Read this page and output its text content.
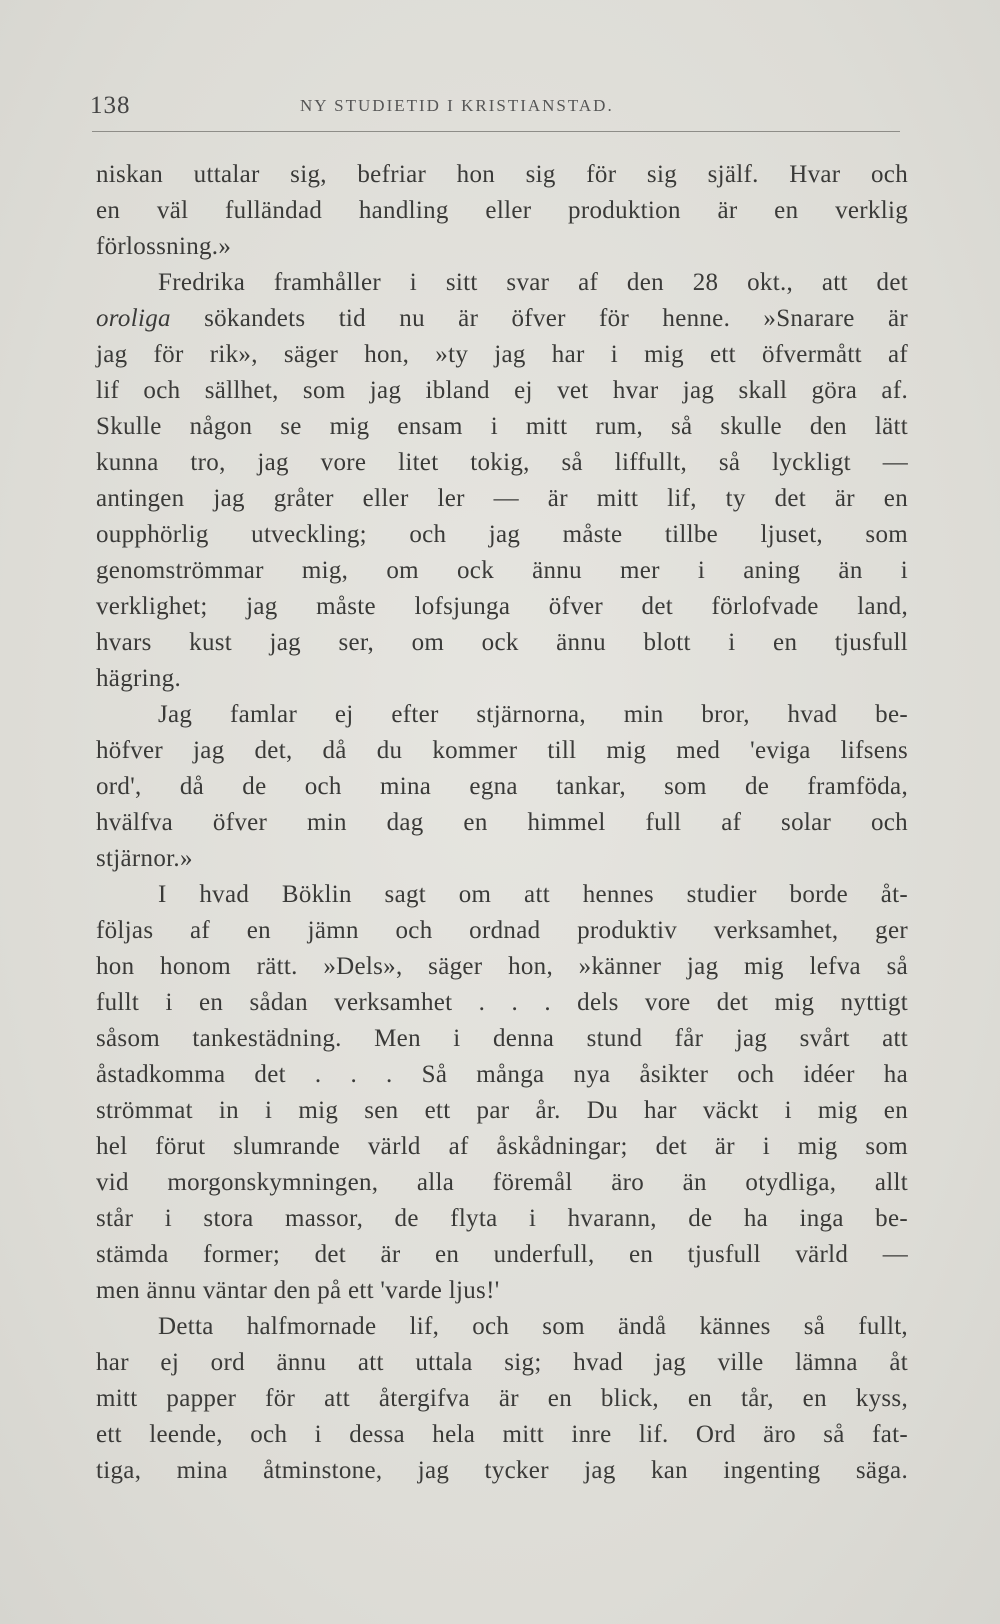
138	NY STUDIETID I KRISTIANSTAD.
niskan uttalar sig, befriar hon sig för sig själf. Hvar och
en väl fulländad handling eller produktion är en verklig
förlossning.»
Fredrika framhåller i sitt svar af den 28 okt., att det
oroliga sökandets tid nu är öfver för henne. »Snarare är
jag för rik», säger hon, »ty jag har i mig ett öfvermått af
lif och sällhet, som jag ibland ej vet hvar jag skall göra af.
Skulle någon se mig ensam i mitt rum, så skulle den lätt
kunna tro, jag vore litet tokig, så liffullt, så lyckligt —
antingen jag gråter eller ler — är mitt lif, ty det är en
oupphörlig utveckling; och jag måste tillbe ljuset, som
genomströmmar mig, om ock ännu mer i aning än i
verklighet; jag måste lofsjunga öfver det förlofvade land,
hvars kust jag ser, om ock ännu blott i en tjusfull
hägring.
Jag famlar ej efter stjärnorna, min bror, hvad be-
höfver jag det, då du kommer till mig med 'eviga lifsens
ord', då de och mina egna tankar, som de framföda,
hvälfva öfver min dag en himmel full af solar och
stjärnor.»
I hvad Böklin sagt om att hennes studier borde åt-
följas af en jämn och ordnad produktiv verksamhet, ger
hon honom rätt. »Dels», säger hon, »känner jag mig lefva så
fullt i en sådan verksamhet . . . dels vore det mig nyttigt
såsom tankestädning. Men i denna stund får jag svårt att
åstadkomma det . . . Så många nya åsikter och idéer ha
strömmat in i mig sen ett par år. Du har väckt i mig en
hel förut slumrande värld af åskådningar; det är i mig som
vid morgonskymningen, alla föremål äro än otydliga, allt
står i stora massor, de flyta i hvarann, de ha inga be-
stämda former; det är en underfull, en tjusfull värld —
men ännu väntar den på ett 'varde ljus!'
Detta halfmornade lif, och som ändå kännes så fullt,
har ej ord ännu att uttala sig; hvad jag ville lämna åt
mitt papper för att återgifva är en blick, en tår, en kyss,
ett leende, och i dessa hela mitt inre lif. Ord äro så fat-
tiga, mina åtminstone, jag tycker jag kan ingenting säga.
